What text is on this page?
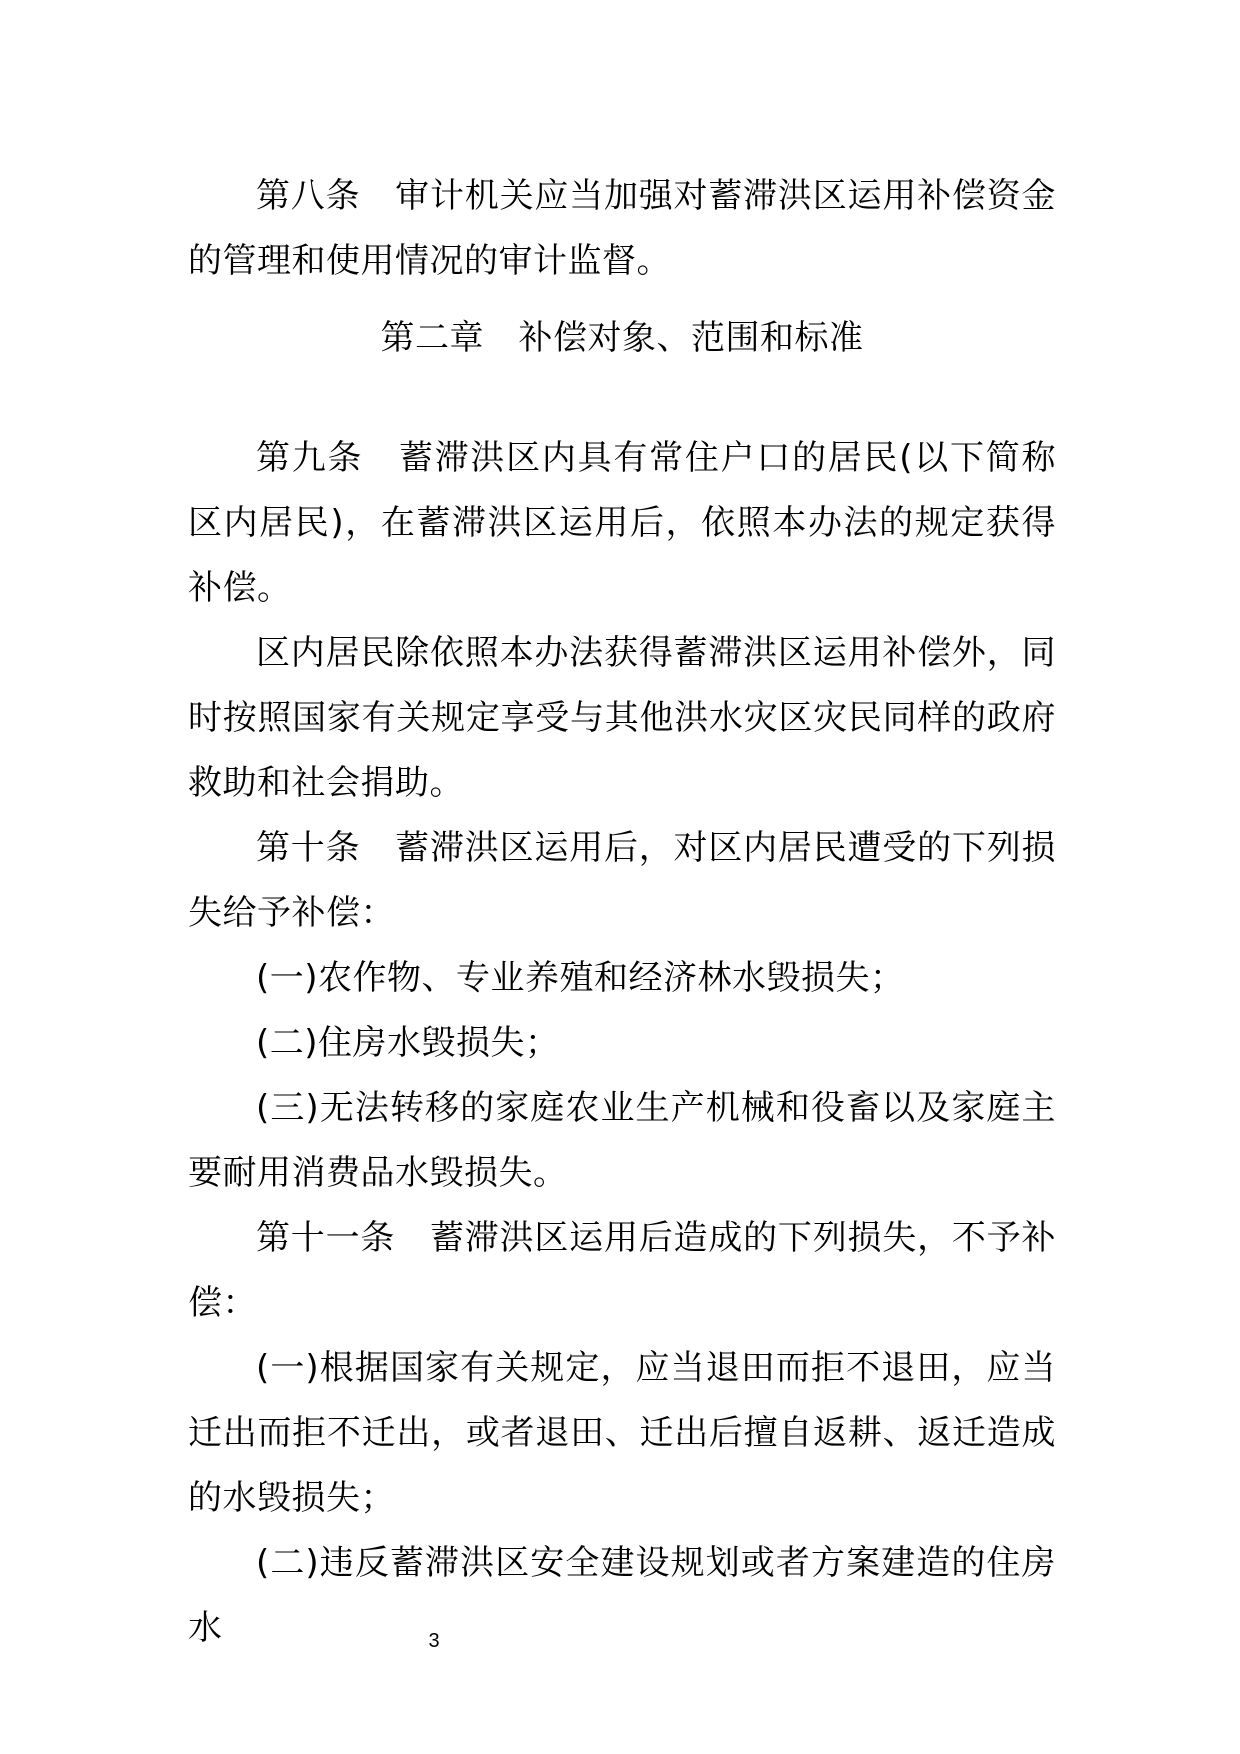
第八条　审计机关应当加强对蓄滞洪区运用补偿资金的管理和使用情况的审计监督。

第二章　补偿对象、范围和标准

第九条　蓄滞洪区内具有常住户口的居民(以下简称区内居民)，在蓄滞洪区运用后，依照本办法的规定获得补偿。

区内居民除依照本办法获得蓄滞洪区运用补偿外，同时按照国家有关规定享受与其他洪水灾区灾民同样的政府救助和社会捐助。

第十条　蓄滞洪区运用后，对区内居民遭受的下列损失给予补偿：

(一)农作物、专业养殖和经济林水毁损失；

(二)住房水毁损失；

(三)无法转移的家庭农业生产机械和役畜以及家庭主要耐用消费品水毁损失。

第十一条　蓄滞洪区运用后造成的下列损失，不予补偿：

(一)根据国家有关规定，应当退田而拒不退田，应当迁出而拒不迁出，或者退田、迁出后擅自返耕、返迁造成的水毁损失；

(二)违反蓄滞洪区安全建设规划或者方案建造的住房水	3
